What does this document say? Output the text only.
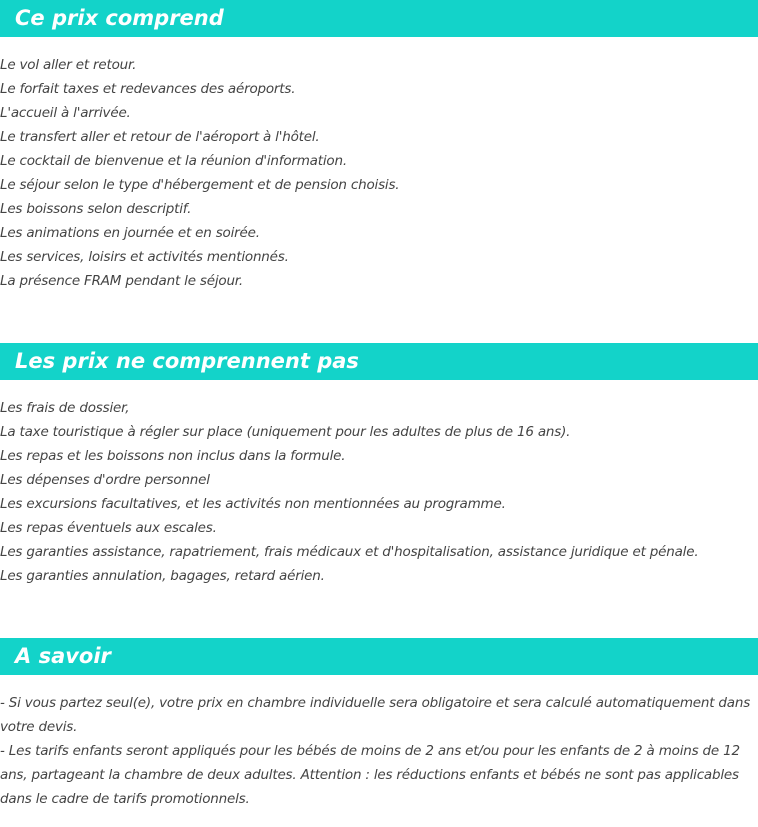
Ce prix comprend
Le vol aller et retour.
Le forfait taxes et redevances des aéroports.
L'accueil à l'arrivée.
Le transfert aller et retour de l'aéroport à l'hôtel.
Le cocktail de bienvenue et la réunion d'information.
Le séjour selon le type d'hébergement et de pension choisis.
Les boissons selon descriptif.
Les animations en journée et en soirée.
Les services, loisirs et activités mentionnés.
La présence FRAM pendant le séjour.
Les prix ne comprennent pas
Les frais de dossier,
La taxe touristique à régler sur place (uniquement pour les adultes de plus de 16 ans).
Les repas et les boissons non inclus dans la formule.
Les dépenses d'ordre personnel
Les excursions facultatives, et les activités non mentionnées au programme.
Les repas éventuels aux escales.
Les garanties assistance, rapatriement, frais médicaux et d'hospitalisation, assistance juridique et pénale.
Les garanties annulation, bagages, retard aérien.
A savoir

- Si vous partez seul(e), votre prix en chambre individuelle sera obligatoire et sera calculé automatiquement dans votre devis.

- Les tarifs enfants seront appliqués pour les bébés de moins de 2 ans et/ou pour les enfants de 2 à moins de 12 ans, partageant la chambre de deux adultes. Attention : les réductions enfants et bébés ne sont pas applicables dans le cadre de tarifs promotionnels.
